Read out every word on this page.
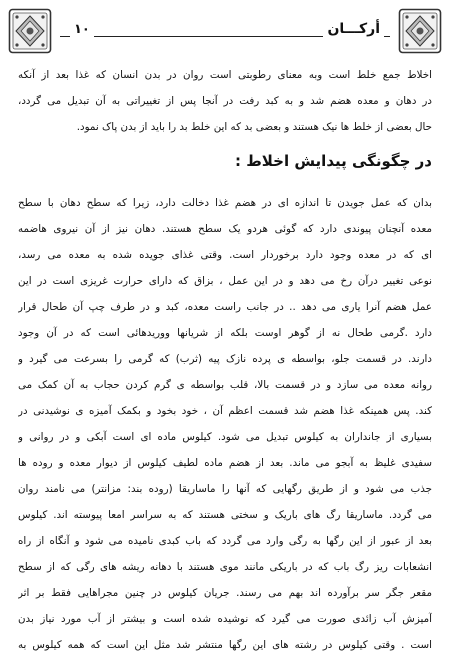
١٠	أركـــان
اخلاط جمع خلط است وبه معنای رطوبتی است روان در بدن انسان که غذا بعد از آنکه
در دهان و معده هضم شد و به کبد رفت در آنجا پس از تغییراتی به آن تبدیل می گردد،
حال بعضی از خلط ها نیک هستند و بعضی بد که این خلط بد را باید از بدن پاک نمود.
در چگونگی پیدایش اخلاط :
بدان که عمل جویدن تا اندازه ای در هضم غذا دخالت دارد، زیرا که سطح دهان با سطح
معده آنچنان پیوندی دارد که گوئی هردو یک سطح هستند. دهان نیز از آن نیروی هاضمه
ای که در معده وجود دارد برخوردار است. وقتی غذای جویده شده به معده می رسد،
نوعی تغییر درآن رخ می دهد و در این عمل ، بزاق که دارای حرارت غریزی است در این
عمل هضم آنرا یاری می دهد .. در جانب راست معده، کبد و در طرف چپ آن طحال قرار
دارد .گرمی طحال نه از گوهر اوست بلکه از شریانها ووریدهائی است که در آن وجود
دارند. در قسمت جلو، بواسطه ی پرده نازک پیه (ثرب) که گرمی را بسرعت می گیرد و
روانه معده می سازد و در قسمت بالا، قلب بواسطه ی گرم کردن حجاب به آن کمک می
کند. پس همینکه غذا هضم شد قسمت اعظم آن ، خود بخود و بکمک آمیزه ی نوشیدنی در
بسیاری از جانداران به کیلوس تبدیل می شود. کیلوس ماده ای است آبکی و در روانی و
سفیدی غلیظ به آبجو می ماند. بعد از هضم ماده لطیف کیلوس از دیوار معده و روده ها
جذب می شود و از طریق رگهایی که آنها را ماساریقا (روده بند: مزانتر) می نامند روان
می گردد. ماساریقا رگ های باریک و سختی هستند که به سراسر امعا پیوسته اند. کیلوس
بعد از عبور از این رگها به رگی وارد می گردد که باب کبدی نامیده می شود و آنگاه از راه
انشعابات ریز رگ باب که در باریکی مانند موی هستند با دهانه ریشه های رگی که از سطح
مقعر جگر سر برآورده اند بهم می رسند. جریان کیلوس در چنین مجراهایی فقط بر اثر
آمیزش آب زائدی صورت می گیرد که نوشیده شده است و بیشتر از آب مورد نیاز بدن
است . وقتی کیلوس در رشته های این رگها منتشر شد مثل این است که همه کیلوس به
